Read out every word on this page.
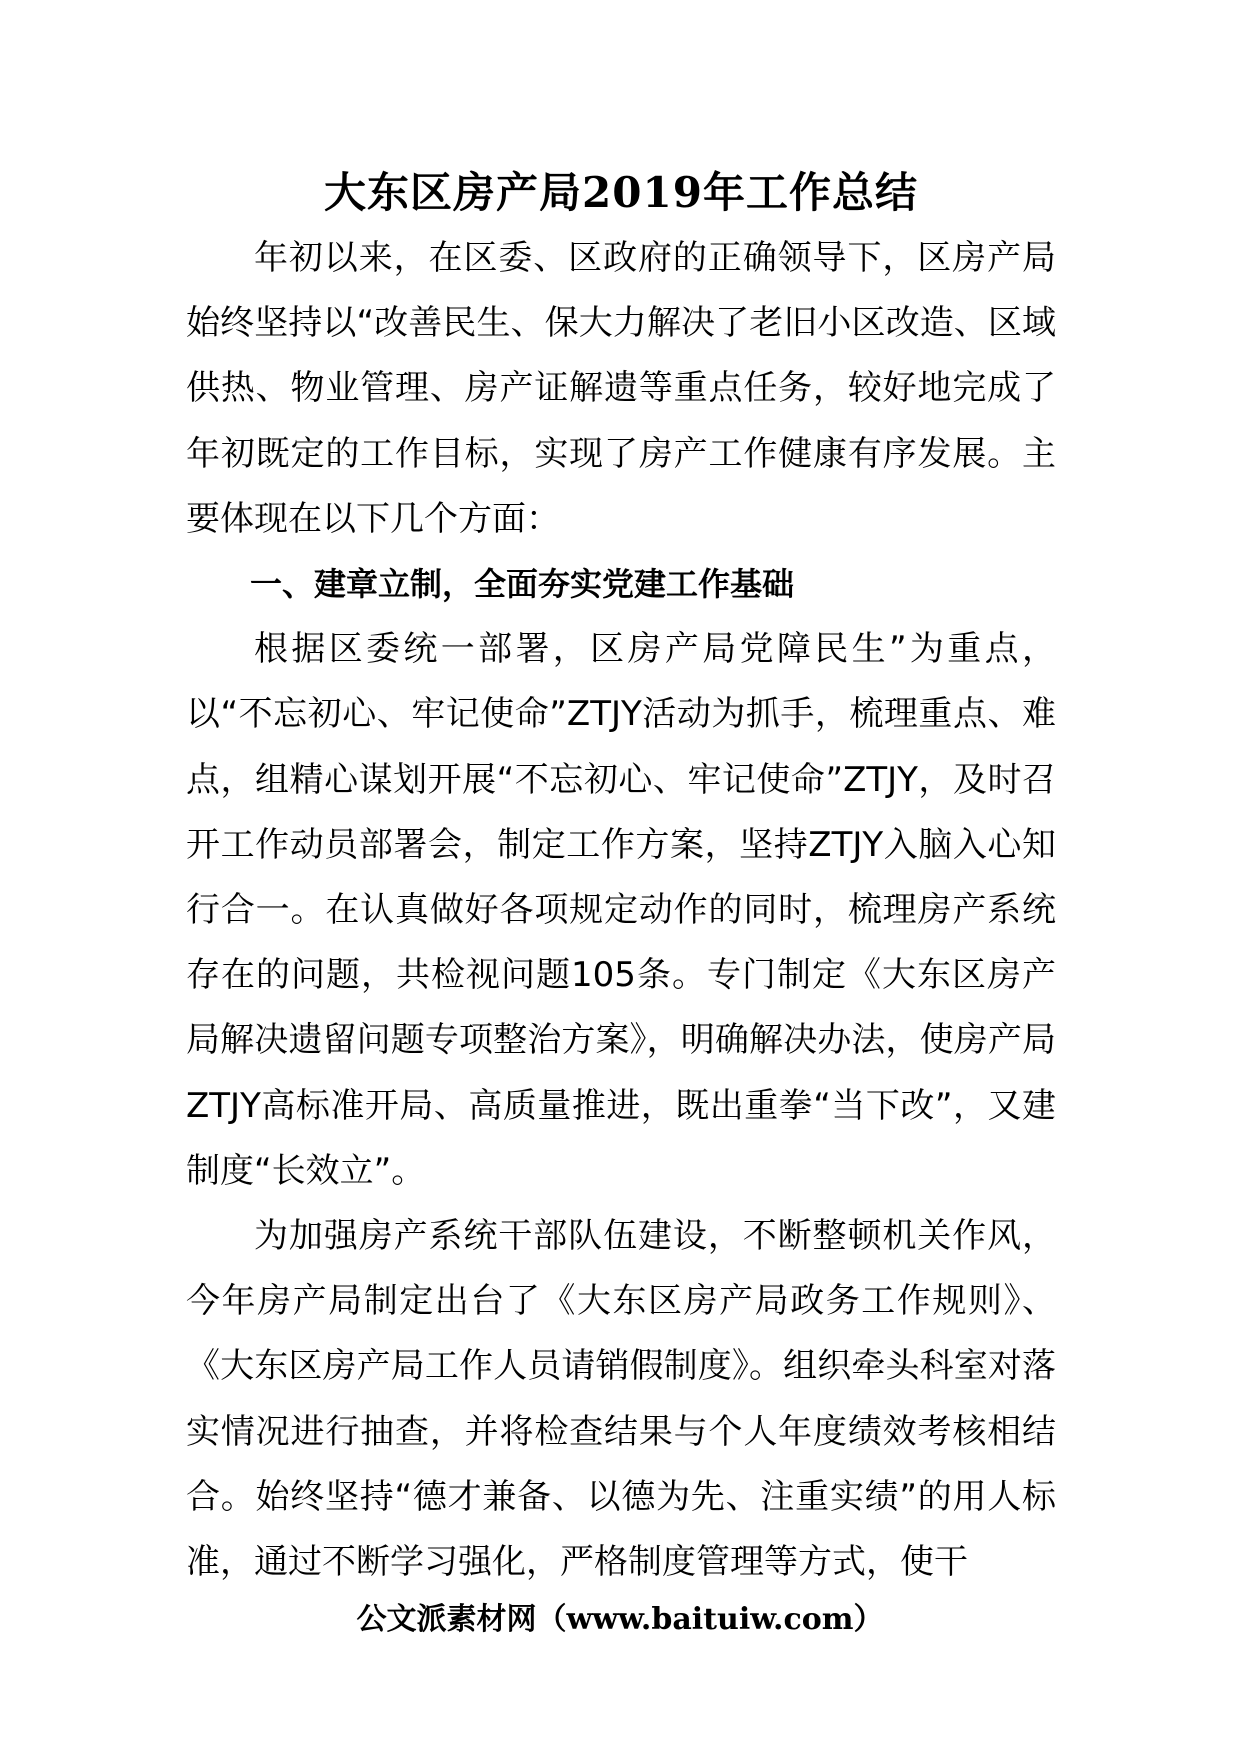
大东区房产局2019年工作总结

年初以来，在区委、区政府的正确领导下，区房产局始终坚持以“改善民生、保大力解决了老旧小区改造、区域供热、物业管理、房产证解遗等重点任务，较好地完成了年初既定的工作目标，实现了房产工作健康有序发展。主要体现在以下几个方面：

一、建章立制，全面夯实党建工作基础

根据区委统一部署，区房产局党障民生”为重点，以“不忘初心、牢记使命”ZTJY活动为抓手，梳理重点、难点，组精心谋划开展“不忘初心、牢记使命”ZTJY，及时召开工作动员部署会，制定工作方案，坚持ZTJY入脑入心知行合一。在认真做好各项规定动作的同时，梳理房产系统存在的问题，共检视问题105条。专门制定《大东区房产局解决遗留问题专项整治方案》，明确解决办法，使房产局ZTJY高标准开局、高质量推进，既出重拳“当下改”，又建制度“长效立”。

为加强房产系统干部队伍建设，不断整顿机关作风，今年房产局制定出台了《大东区房产局政务工作规则》、《大东区房产局工作人员请销假制度》。组织牵头科室对落实情况进行抽查，并将检查结果与个人年度绩效考核相结合。始终坚持“德才兼备、以德为先、注重实绩”的用人标准，通过不断学习强化，严格制度管理等方式，使干

公文派素材网（www.baituiw.com）
